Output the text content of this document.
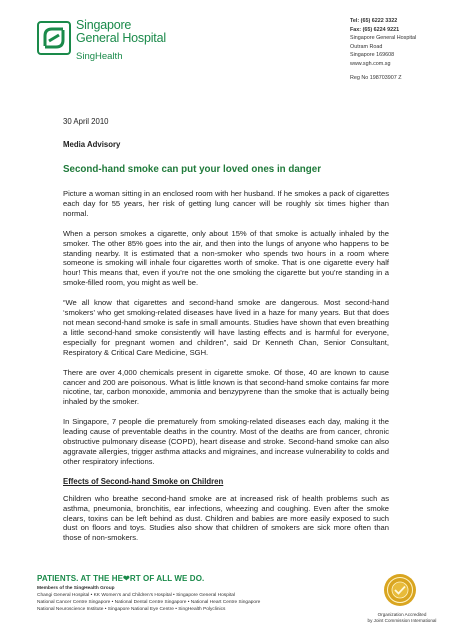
Singapore
General Hospital
SingHealth
Tel: (65) 6222 3322
Fax: (65) 6224 9221
Singapore General Hospital
Outram Road
Singapore 169608
www.sgh.com.sg
Reg No 198703907 Z
30 April 2010
Media Advisory
Second-hand smoke can put your loved ones in danger

Picture a woman sitting in an enclosed room with her husband. If he smokes a pack of cigarettes each day for 55 years, her risk of getting lung cancer will be roughly six times higher than normal.

When a person smokes a cigarette, only about 15% of that smoke is actually inhaled by the smoker. The other 85% goes into the air, and then into the lungs of anyone who happens to be standing nearby. It is estimated that a non-smoker who spends two hours in a room where someone is smoking will inhale four cigarettes worth of smoke. That is one cigarette every half hour! This means that, even if you’re not the one smoking the cigarette but you’re standing in a smoke-filled room, you might as well be.

“We all know that cigarettes and second-hand smoke are dangerous. Most second-hand ‘smokers’ who get smoking-related diseases have lived in a haze for many years. But that does not mean second-hand smoke is safe in small amounts. Studies have shown that even breathing a little second-hand smoke consistently will have lasting effects and is harmful for everyone, especially for pregnant women and children”, said Dr Kenneth Chan, Senior Consultant, Respiratory & Critical Care Medicine, SGH.

There are over 4,000 chemicals present in cigarette smoke. Of those, 40 are known to cause cancer and 200 are poisonous. What is little known is that second-hand smoke contains far more nicotine, tar, carbon monoxide, ammonia and benzypyrene than the smoke that is actually being inhaled by the smoker.

In Singapore, 7 people die prematurely from smoking-related diseases each day, making it the leading cause of preventable deaths in the country. Most of the deaths are from cancer, chronic obstructive pulmonary disease (COPD), heart disease and stroke. Second-hand smoke can also aggravate allergies, trigger asthma attacks and migraines, and increase vulnerability to colds and other respiratory infections.

Effects of Second-hand Smoke on Children

Children who breathe second-hand smoke are at increased risk of health problems such as asthma, pneumonia, bronchitis, ear infections, wheezing and coughing. Even after the smoke clears, toxins can be left behind as dust. Children and babies are more easily exposed to such dust on floors and toys. Studies also show that children of smokers are sick more often than those of non-smokers.

PATIENTS. AT THE HE❤RT OF ALL WE DO.
Members of the SingHealth Group
Changi General Hospital • KK Women’s and Children’s Hospital • Singapore General Hospital
National Cancer Centre Singapore • National Dental Centre Singapore • National Heart Centre Singapore
National Neuroscience Institute • Singapore National Eye Centre • SingHealth Polyclinics
Organization Accredited
by Joint Commission International
